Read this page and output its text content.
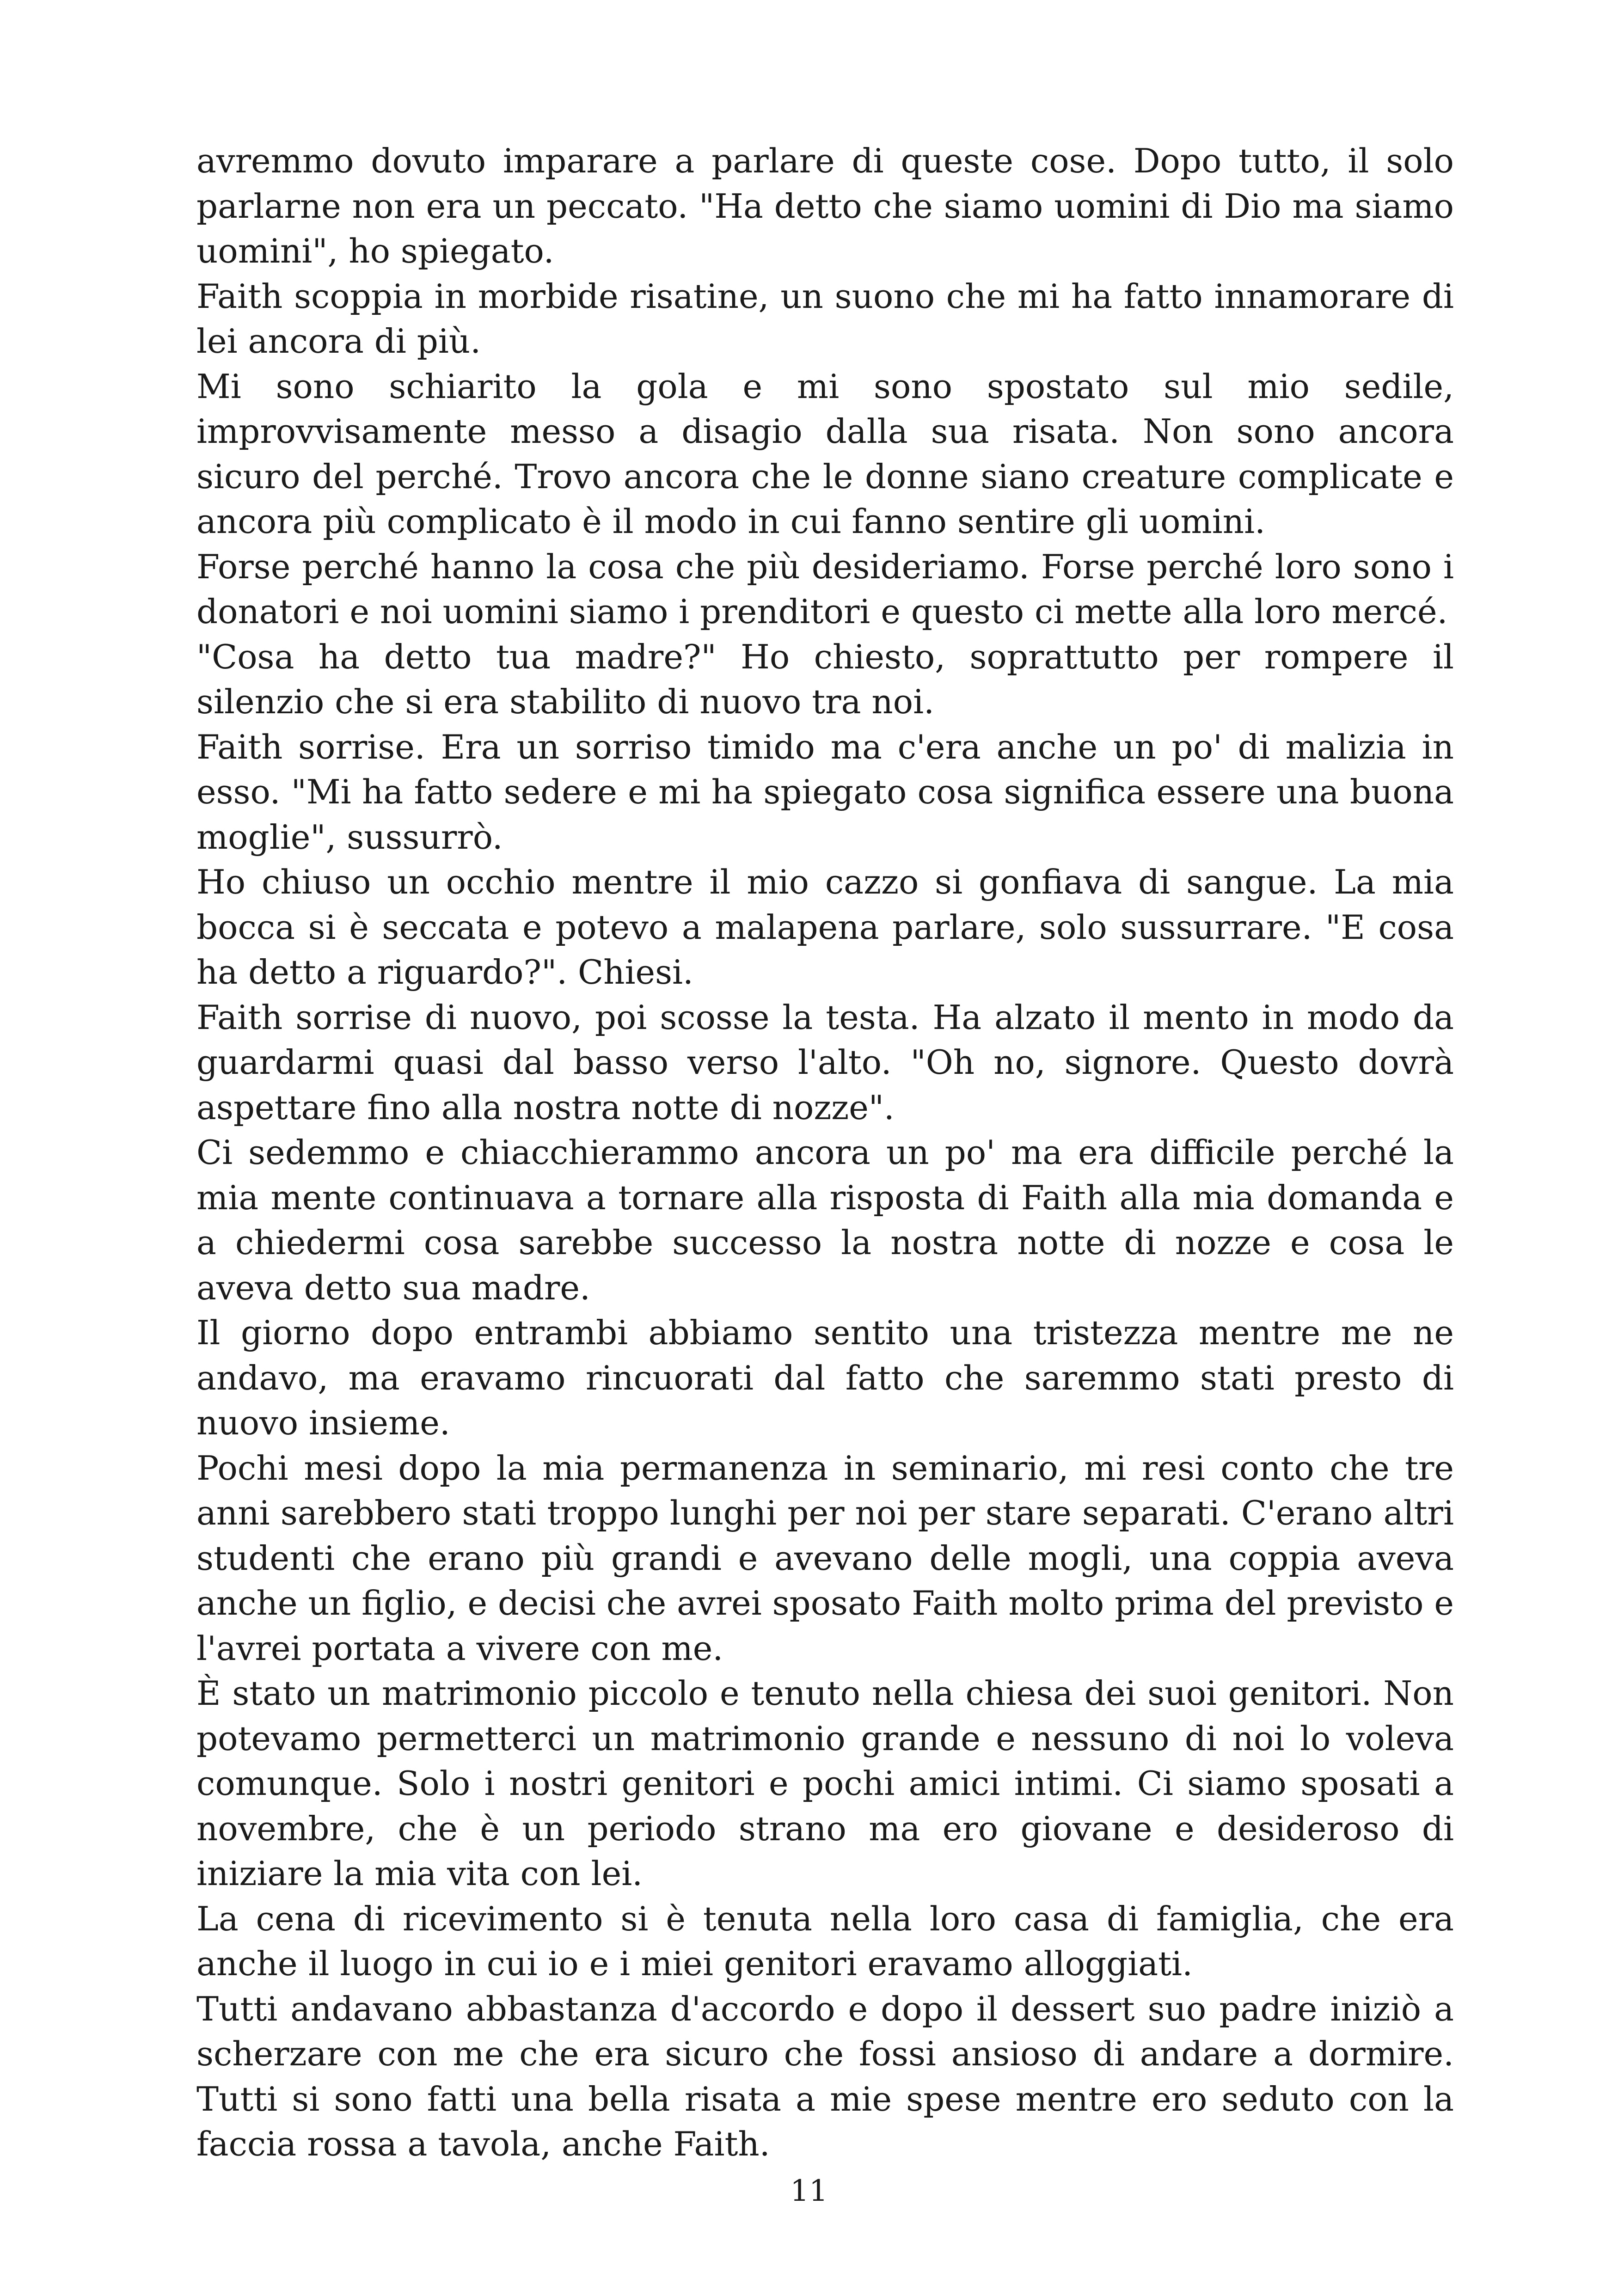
avremmo dovuto imparare a parlare di queste cose. Dopo tutto, il solo parlarne non era un peccato. "Ha detto che siamo uomini di Dio ma siamo uomini", ho spiegato.

Faith scoppia in morbide risatine, un suono che mi ha fatto innamorare di lei ancora di più.

Mi sono schiarito la gola e mi sono spostato sul mio sedile, improvvisamente messo a disagio dalla sua risata. Non sono ancora sicuro del perché. Trovo ancora che le donne siano creature complicate e ancora più complicato è il modo in cui fanno sentire gli uomini.

Forse perché hanno la cosa che più desideriamo. Forse perché loro sono i donatori e noi uomini siamo i prenditori e questo ci mette alla loro mercé.

"Cosa ha detto tua madre?" Ho chiesto, soprattutto per rompere il silenzio che si era stabilito di nuovo tra noi.

Faith sorrise. Era un sorriso timido ma c'era anche un po' di malizia in esso. "Mi ha fatto sedere e mi ha spiegato cosa significa essere una buona moglie", sussurrò.

Ho chiuso un occhio mentre il mio cazzo si gonfiava di sangue. La mia bocca si è seccata e potevo a malapena parlare, solo sussurrare. "E cosa ha detto a riguardo?". Chiesi.

Faith sorrise di nuovo, poi scosse la testa. Ha alzato il mento in modo da guardarmi quasi dal basso verso l'alto. "Oh no, signore. Questo dovrà aspettare fino alla nostra notte di nozze".

Ci sedemmo e chiacchierammo ancora un po' ma era difficile perché la mia mente continuava a tornare alla risposta di Faith alla mia domanda e a chiedermi cosa sarebbe successo la nostra notte di nozze e cosa le aveva detto sua madre.

Il giorno dopo entrambi abbiamo sentito una tristezza mentre me ne andavo, ma eravamo rincuorati dal fatto che saremmo stati presto di nuovo insieme.

Pochi mesi dopo la mia permanenza in seminario, mi resi conto che tre anni sarebbero stati troppo lunghi per noi per stare separati. C'erano altri studenti che erano più grandi e avevano delle mogli, una coppia aveva anche un figlio, e decisi che avrei sposato Faith molto prima del previsto e l'avrei portata a vivere con me.

È stato un matrimonio piccolo e tenuto nella chiesa dei suoi genitori. Non potevamo permetterci un matrimonio grande e nessuno di noi lo voleva comunque. Solo i nostri genitori e pochi amici intimi. Ci siamo sposati a novembre, che è un periodo strano ma ero giovane e desideroso di iniziare la mia vita con lei.

La cena di ricevimento si è tenuta nella loro casa di famiglia, che era anche il luogo in cui io e i miei genitori eravamo alloggiati.

Tutti andavano abbastanza d'accordo e dopo il dessert suo padre iniziò a scherzare con me che era sicuro che fossi ansioso di andare a dormire. Tutti si sono fatti una bella risata a mie spese mentre ero seduto con la faccia rossa a tavola, anche Faith.

11
